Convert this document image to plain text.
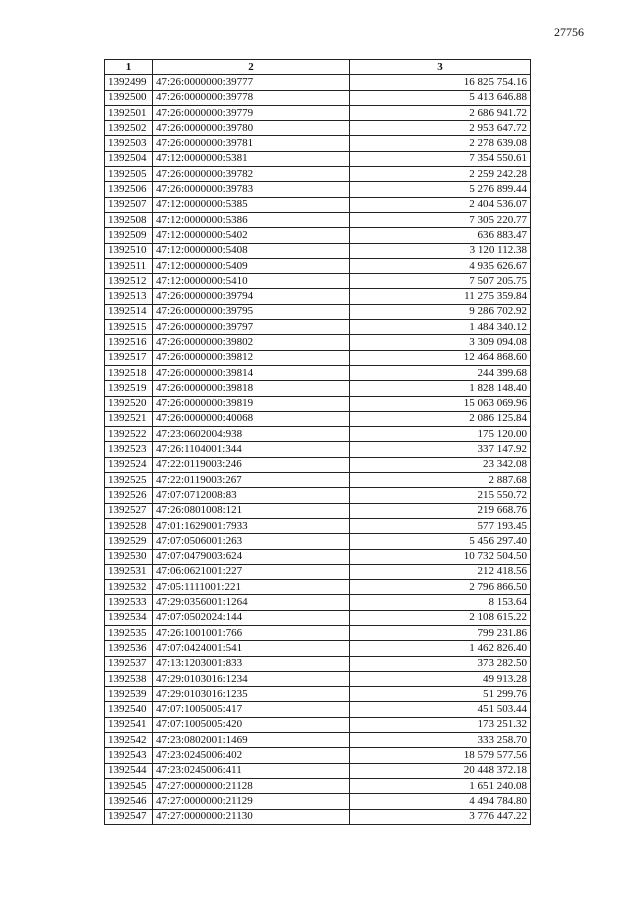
27756
1	2	3
1392499	47:26:0000000:39777	16 825 754.16
1392500	47:26:0000000:39778	5 413 646.88
1392501	47:26:0000000:39779	2 686 941.72
1392502	47:26:0000000:39780	2 953 647.72
1392503	47:26:0000000:39781	2 278 639.08
1392504	47:12:0000000:5381	7 354 550.61
1392505	47:26:0000000:39782	2 259 242.28
1392506	47:26:0000000:39783	5 276 899.44
1392507	47:12:0000000:5385	2 404 536.07
1392508	47:12:0000000:5386	7 305 220.77
1392509	47:12:0000000:5402	636 883.47
1392510	47:12:0000000:5408	3 120 112.38
1392511	47:12:0000000:5409	4 935 626.67
1392512	47:12:0000000:5410	7 507 205.75
1392513	47:26:0000000:39794	11 275 359.84
1392514	47:26:0000000:39795	9 286 702.92
1392515	47:26:0000000:39797	1 484 340.12
1392516	47:26:0000000:39802	3 309 094.08
1392517	47:26:0000000:39812	12 464 868.60
1392518	47:26:0000000:39814	244 399.68
1392519	47:26:0000000:39818	1 828 148.40
1392520	47:26:0000000:39819	15 063 069.96
1392521	47:26:0000000:40068	2 086 125.84
1392522	47:23:0602004:938	175 120.00
1392523	47:26:1104001:344	337 147.92
1392524	47:22:0119003:246	23 342.08
1392525	47:22:0119003:267	2 887.68
1392526	47:07:0712008:83	215 550.72
1392527	47:26:0801008:121	219 668.76
1392528	47:01:1629001:7933	577 193.45
1392529	47:07:0506001:263	5 456 297.40
1392530	47:07:0479003:624	10 732 504.50
1392531	47:06:0621001:227	212 418.56
1392532	47:05:1111001:221	2 796 866.50
1392533	47:29:0356001:1264	8 153.64
1392534	47:07:0502024:144	2 108 615.22
1392535	47:26:1001001:766	799 231.86
1392536	47:07:0424001:541	1 462 826.40
1392537	47:13:1203001:833	373 282.50
1392538	47:29:0103016:1234	49 913.28
1392539	47:29:0103016:1235	51 299.76
1392540	47:07:1005005:417	451 503.44
1392541	47:07:1005005:420	173 251.32
1392542	47:23:0802001:1469	333 258.70
1392543	47:23:0245006:402	18 579 577.56
1392544	47:23:0245006:411	20 448 372.18
1392545	47:27:0000000:21128	1 651 240.08
1392546	47:27:0000000:21129	4 494 784.80
1392547	47:27:0000000:21130	3 776 447.22
